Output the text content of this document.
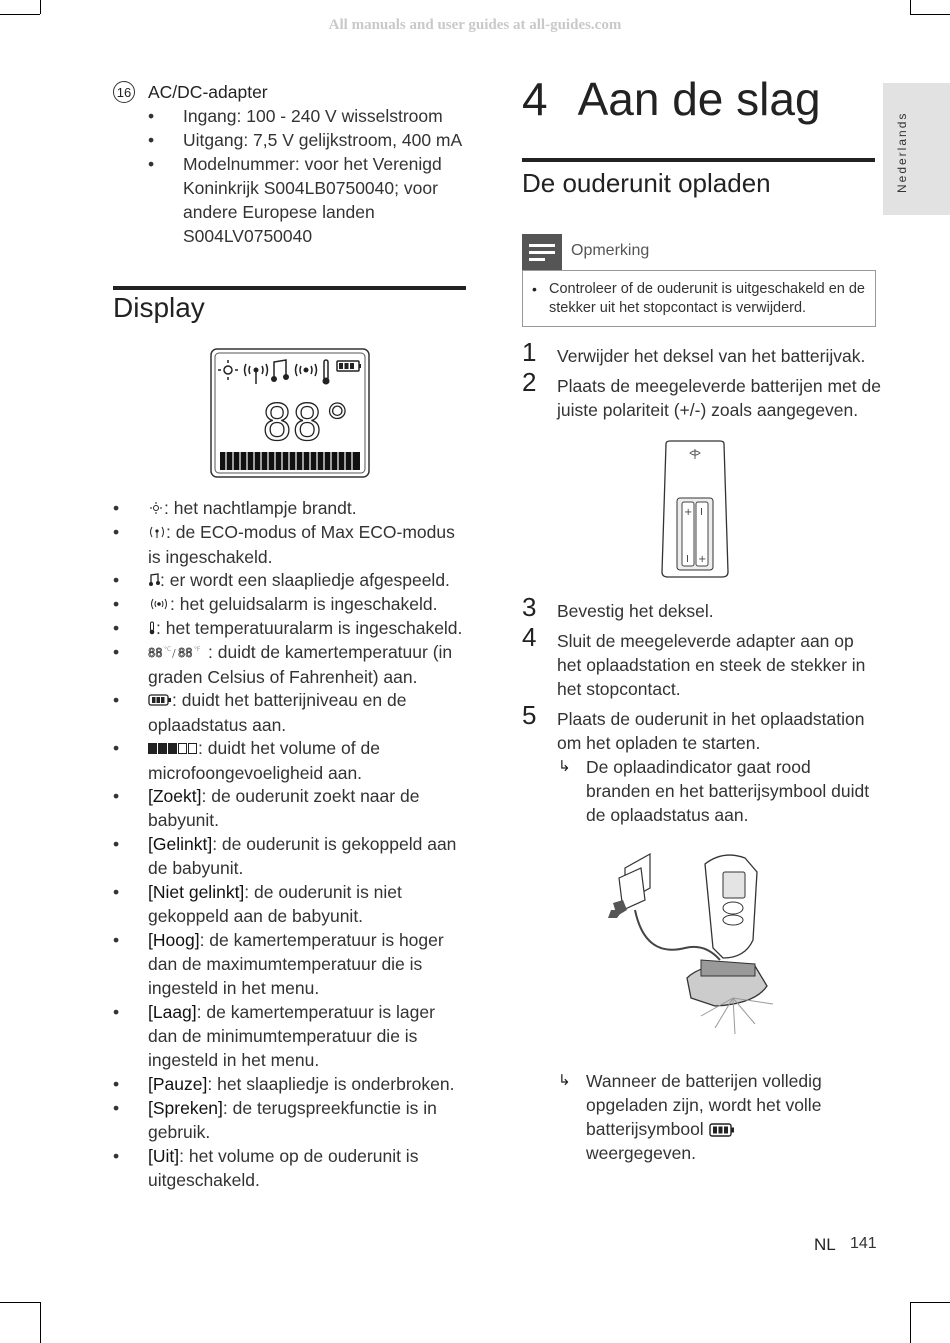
All manuals and user guides at all-guides.com
Nederlands
16 AC/DC-adapter
• Ingang: 100 - 240 V wisselstroom
• Uitgang: 7,5 V gelijkstroom, 400 mA
• Modelnummer: voor het Verenigd Koninkrijk S004LB0750040; voor andere Europese landen S004LV0750040
Display
88°
•	: het nachtlampje brandt.
•	: de ECO-modus of Max ECO-modus is ingeschakeld.
•	: er wordt een slaapliedje afgespeeld.
•	: het geluidsalarm is ingeschakeld.
•	: het temperatuuralarm is ingeschakeld.
• 88 °C / 88 °F : duidt de kamertemperatuur (in graden Celsius of Fahrenheit) aan.
•	: duidt het batterijniveau en de oplaadstatus aan.
•	: duidt het volume of de microfoongevoeligheid aan.
• [Zoekt]: de ouderunit zoekt naar de babyunit.
• [Gelinkt]: de ouderunit is gekoppeld aan de babyunit.
• [Niet gelinkt]: de ouderunit is niet gekoppeld aan de babyunit.
• [Hoog]: de kamertemperatuur is hoger dan de maximumtemperatuur die is ingesteld in het menu.
• [Laag]: de kamertemperatuur is lager dan de minimumtemperatuur die is ingesteld in het menu.
• [Pauze]: het slaapliedje is onderbroken.
• [Spreken]: de terugspreekfunctie is in gebruik.
• [Uit]: het volume op de ouderunit is uitgeschakeld.
4 Aan de slag
De ouderunit opladen
Opmerking
• Controleer of de ouderunit is uitgeschakeld en de stekker uit het stopcontact is verwijderd.
1 Verwijder het deksel van het batterijvak.
2 Plaats de meegeleverde batterijen met de juiste polariteit (+/-) zoals aangegeven.
+ I
I +
3 Bevestig het deksel.
4 Sluit de meegeleverde adapter aan op het oplaadstation en steek de stekker in het stopcontact.
5 Plaats de ouderunit in het oplaadstation om het opladen te starten.
↳ De oplaadindicator gaat rood branden en het batterijsymbool duidt de oplaadstatus aan.
↳ Wanneer de batterijen volledig opgeladen zijn, wordt het volle batterijsymbool  weergegeven.
NL 141
